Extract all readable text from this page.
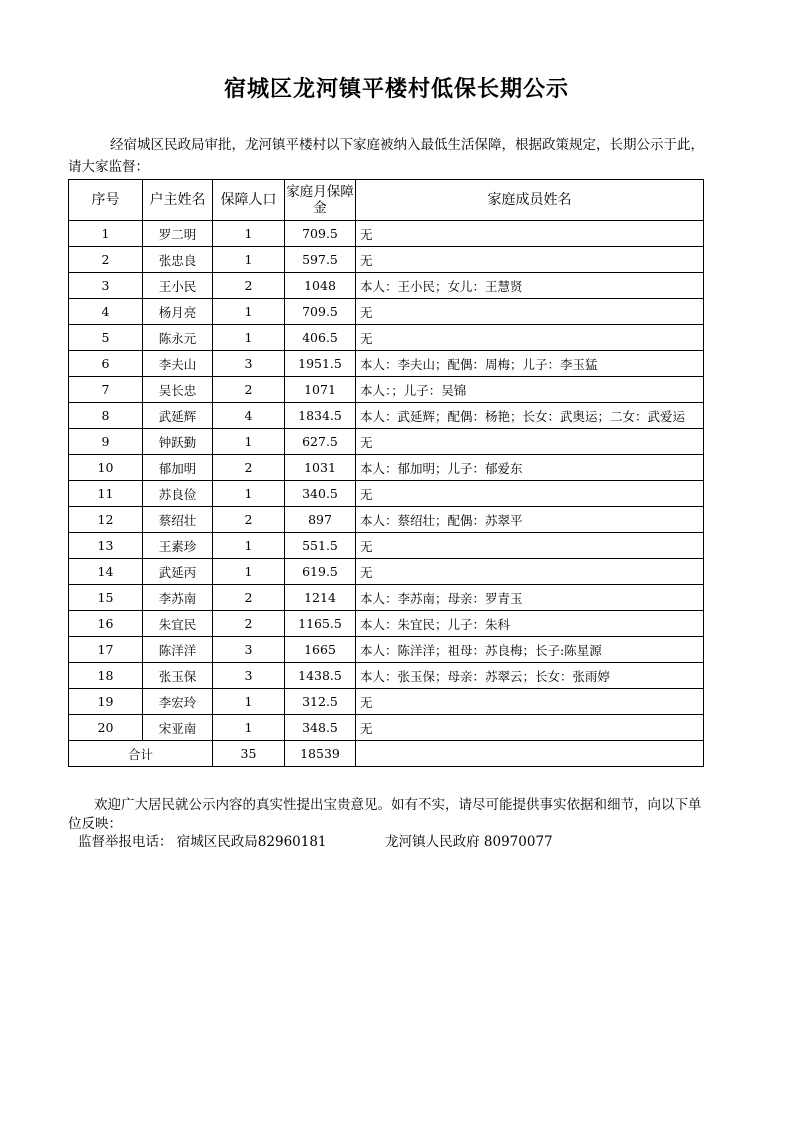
宿城区龙河镇平楼村低保长期公示
经宿城区民政局审批，龙河镇平楼村以下家庭被纳入最低生活保障，根据政策规定，长期公示于此，请大家监督：
序号	户主姓名	保障人口	家庭月保障　金	家庭成员姓名
1	罗二明	1	709.5	无
2	张忠良	1	597.5	无
3	王小民	2	1048	本人：王小民；女儿：王慧贤
4	杨月亮	1	709.5	无
5	陈永元	1	406.5	无
6	李夫山	3	1951.5	本人：李夫山；配偶：周梅；儿子：李玉猛
7	吴长忠	2	1071	本人：；儿子：吴锦
8	武延辉	4	1834.5	本人：武延辉；配偶：杨艳；长女：武奥运；二女：武爱运
9	钟跃勤	1	627.5	无
10	郁加明	2	1031	本人：郁加明；儿子：郁爱东
11	苏良俭	1	340.5	无
12	蔡绍壮	2	897	本人：蔡绍壮；配偶：苏翠平
13	王素珍	1	551.5	无
14	武延丙	1	619.5	无
15	李苏南	2	1214	本人：李苏南；母亲：罗青玉
16	朱宜民	2	1165.5	本人：朱宜民；儿子：朱科
17	陈洋洋	3	1665	本人：陈洋洋；祖母：苏良梅；长子:陈星源
18	张玉保	3	1438.5	本人：张玉保；母亲：苏翠云；长女：张雨婷
19	李宏玲	1	312.5	无
20	宋亚南	1	348.5	无
合计		35	18539	
欢迎广大居民就公示内容的真实性提出宝贵意见。如有不实，请尽可能提供事实依据和细节，向以下单位反映：
监督举报电话： 宿城区民政局82960181	龙河镇人民政府 80970077
